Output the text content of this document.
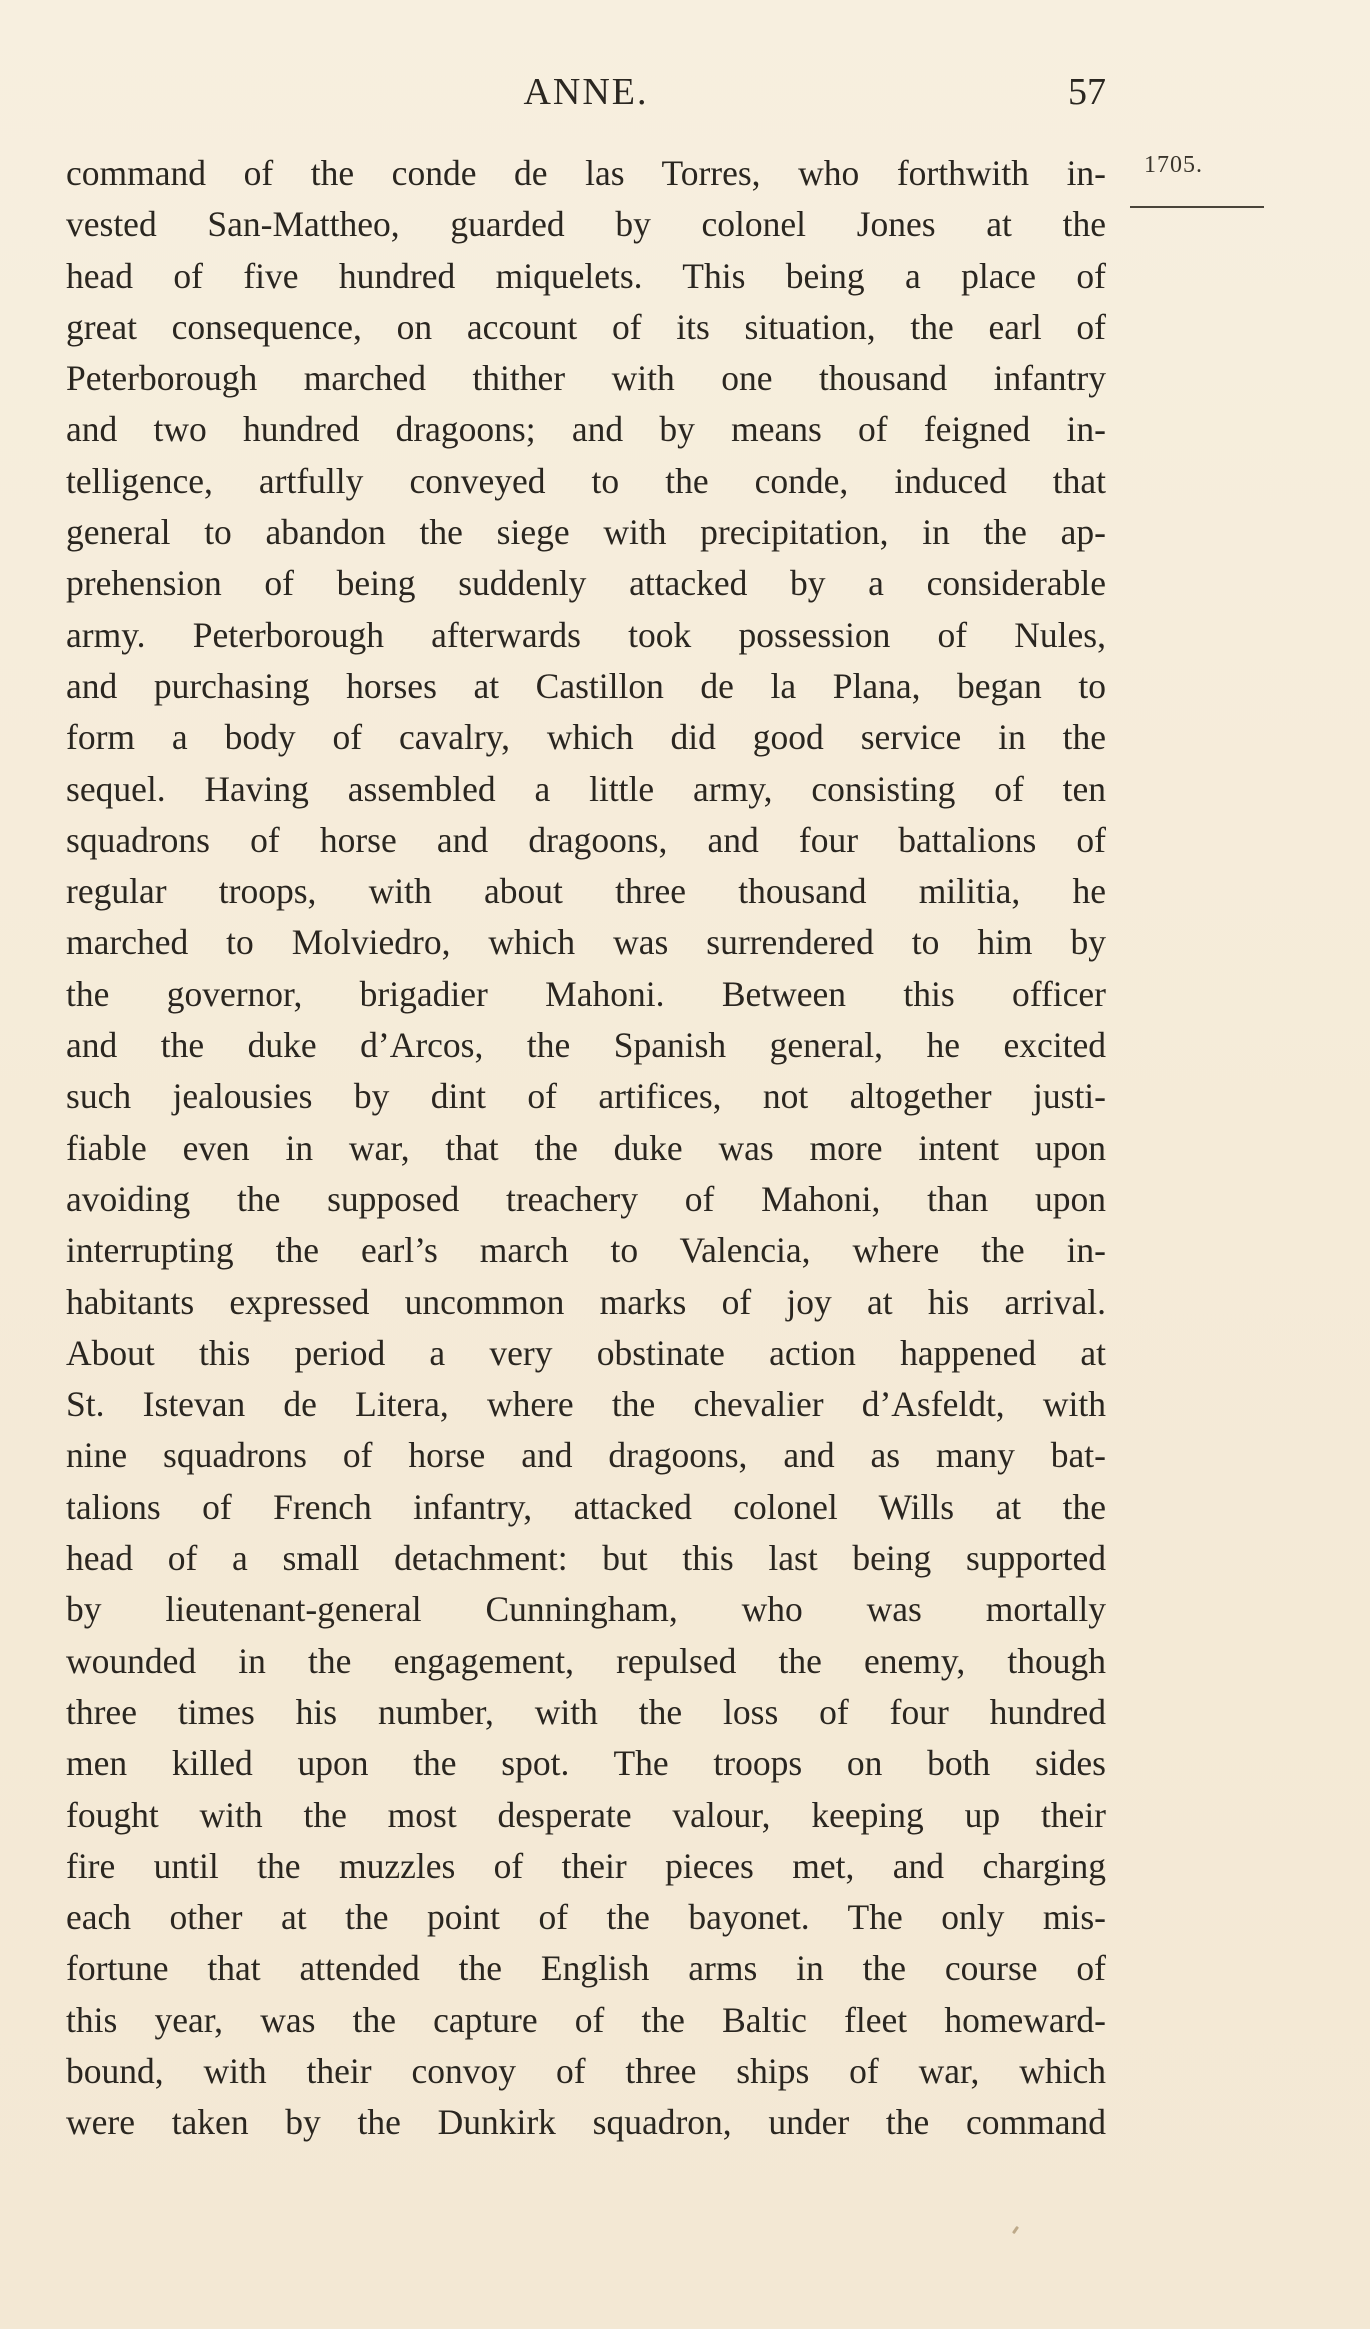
ANNE.	57
1705.
command of the conde de las Torres, who forthwith in-
vested San-Mattheo, guarded by colonel Jones at the
head of five hundred miquelets. This being a place of
great consequence, on account of its situation, the earl of
Peterborough marched thither with one thousand infantry
and two hundred dragoons; and by means of feigned in-
telligence, artfully conveyed to the conde, induced that
general to abandon the siege with precipitation, in the ap-
prehension of being suddenly attacked by a considerable
army. Peterborough afterwards took possession of Nules,
and purchasing horses at Castillon de la Plana, began to
form a body of cavalry, which did good service in the
sequel. Having assembled a little army, consisting of ten
squadrons of horse and dragoons, and four battalions of
regular troops, with about three thousand militia, he
marched to Molviedro, which was surrendered to him by
the governor, brigadier Mahoni. Between this officer
and the duke d’Arcos, the Spanish general, he excited
such jealousies by dint of artifices, not altogether justi-
fiable even in war, that the duke was more intent upon
avoiding the supposed treachery of Mahoni, than upon
interrupting the earl’s march to Valencia, where the in-
habitants expressed uncommon marks of joy at his arrival.
About this period a very obstinate action happened at
St. Istevan de Litera, where the chevalier d’Asfeldt, with
nine squadrons of horse and dragoons, and as many bat-
talions of French infantry, attacked colonel Wills at the
head of a small detachment: but this last being supported
by lieutenant-general Cunningham, who was mortally
wounded in the engagement, repulsed the enemy, though
three times his number, with the loss of four hundred
men killed upon the spot. The troops on both sides
fought with the most desperate valour, keeping up their
fire until the muzzles of their pieces met, and charging
each other at the point of the bayonet. The only mis-
fortune that attended the English arms in the course of
this year, was the capture of the Baltic fleet homeward-
bound, with their convoy of three ships of war, which
were taken by the Dunkirk squadron, under the command
